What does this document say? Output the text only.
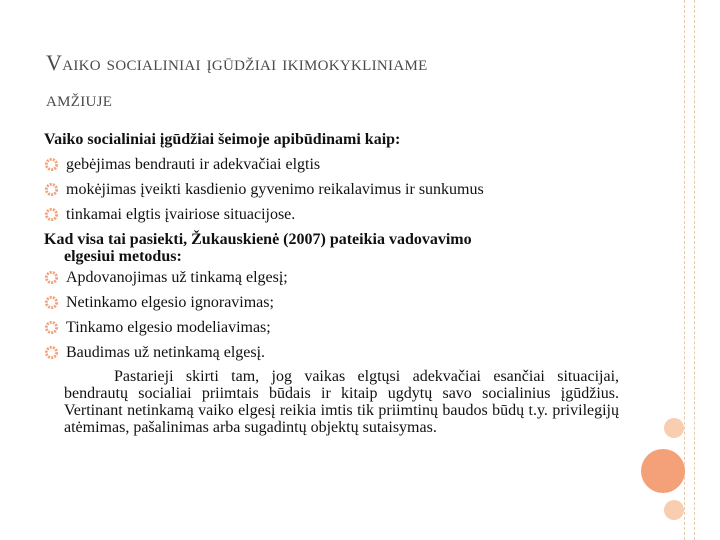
Vaiko socialiniai įgūdžiai ikimokykliniame
amžiuje

Vaiko socialiniai įgūdžiai šeimoje apibūdinami kaip:

gebėjimas bendrauti ir adekvačiai elgtis

mokėjimas įveikti kasdienio gyvenimo reikalavimus ir sunkumus

tinkamai elgtis įvairiose situacijose.

Kad visa tai pasiekti, Žukauskienė (2007) pateikia vadovavimo

elgesiui metodus:

Apdovanojimas už tinkamą elgesį;

Netinkamo elgesio ignoravimas;

Tinkamo elgesio modeliavimas;

Baudimas už netinkamą elgesį.

Pastarieji skirti tam, jog vaikas elgtųsi adekvačiai esančiai situacijai, bendrautų socialiai priimtais būdais ir kitaip ugdytų savo socialinius įgūdžius. Vertinant netinkamą vaiko elgesį reikia imtis tik priimtinų baudos būdų t.y. privilegijų atėmimas, pašalinimas arba sugadintų objektų sutaisymas.
